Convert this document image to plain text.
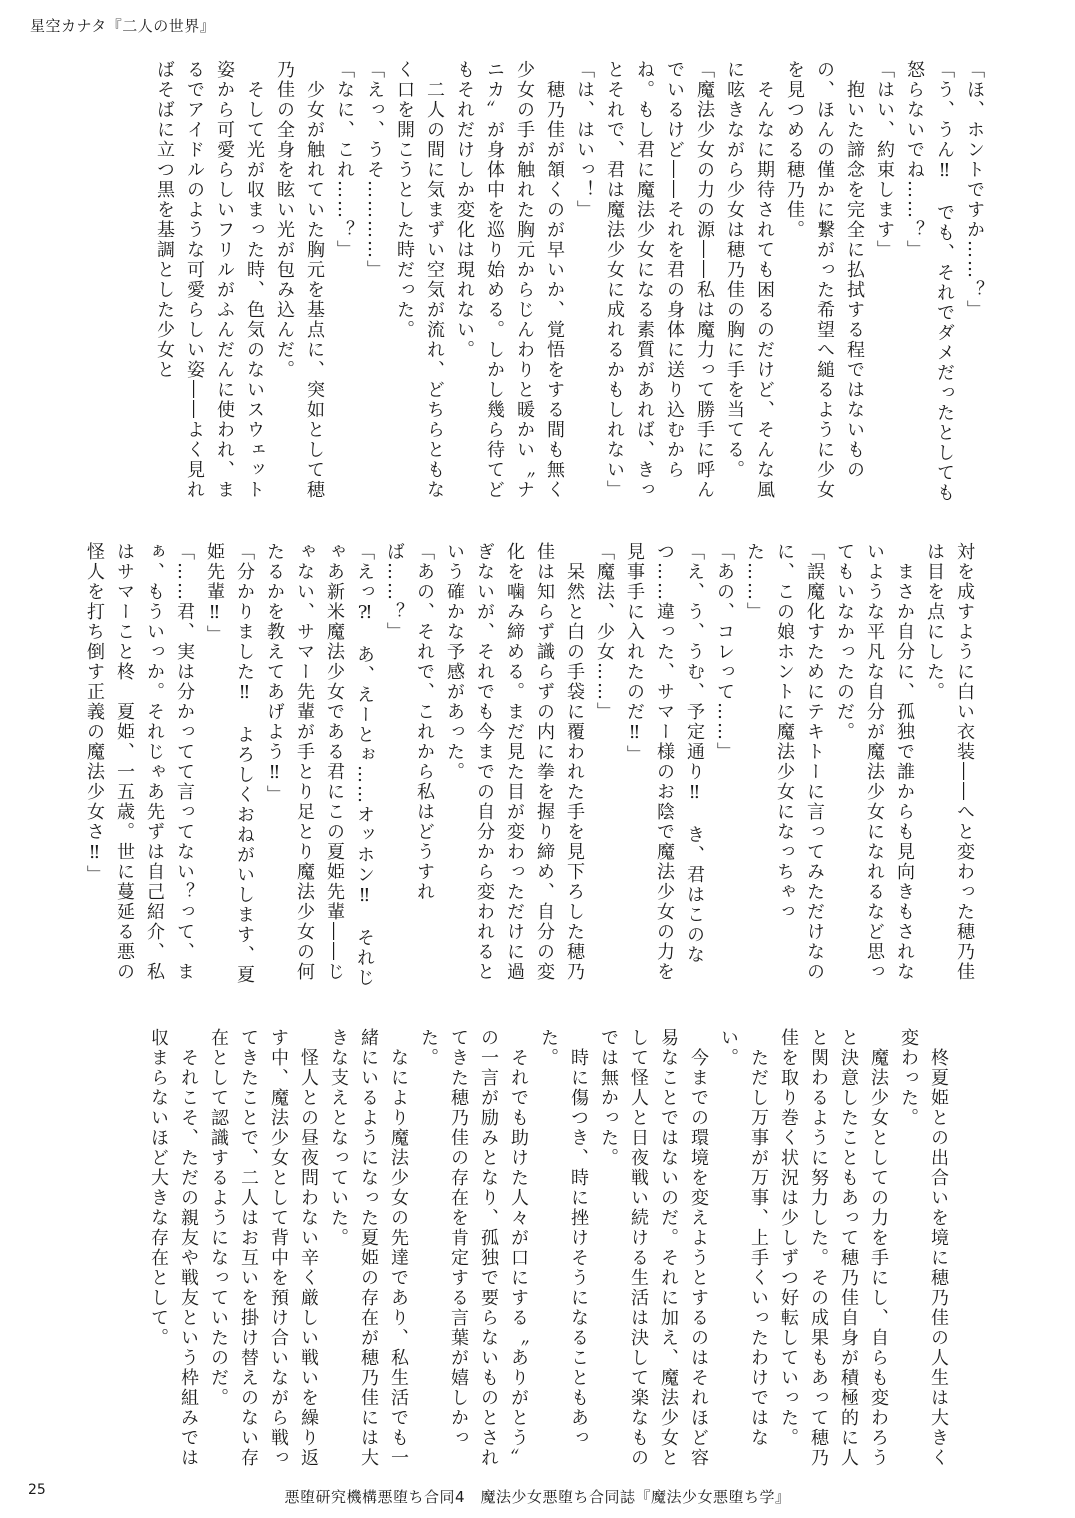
星空カナタ『二人の世界』

「ほ、ホントですか……？」

「う、うん‼　でも、それでダメだったとしても怒らないでね……？」

「はい、約束します」

　抱いた諦念を完全に払拭する程ではないものの、ほんの僅かに繋がった希望へ縋るように少女を見つめる穂乃佳。

　そんなに期待されても困るのだけど、そんな風に呟きながら少女は穂乃佳の胸に手を当てる。

「魔法少女の力の源――私は魔力って勝手に呼んでいるけど――それを君の身体に送り込むからね。もし君に魔法少女になる素質があれば、きっとそれで、君は魔法少女に成れるかもしれない」

「は、はいっ！」

　穂乃佳が頷くのが早いか、覚悟をする間も無く少女の手が触れた胸元からじんわりと暖かい〝ナニカ〟が身体中を巡り始める。しかし幾ら待てどもそれだけしか変化は現れない。

　二人の間に気まずい空気が流れ、どちらともなく口を開こうとした時だった。

「えっ、うそ…………」

「なに、これ……？」

　少女が触れていた胸元を基点に、突如として穂乃佳の全身を眩い光が包み込んだ。

　そして光が収まった時、色気のないスウェット姿から可愛らしいフリルがふんだんに使われ、まるでアイドルのような可愛らしい姿――よく見ればそばに立つ黒を基調とした少女と

対を成すように白い衣装――へと変わった穂乃佳は目を点にした。

　まさか自分に、孤独で誰からも見向きもされないような平凡な自分が魔法少女になれるなど思ってもいなかったのだ。

「誤魔化すためにテキトーに言ってみただけなのに、この娘ホントに魔法少女になっちゃった……」

「あの、コレって……」

「え、う、うむ、予定通り‼　き、君はこのなつ……違った、サマー様のお陰で魔法少女の力を見事手に入れたのだ‼」

「魔法、少女……」

　呆然と白の手袋に覆われた手を見下ろした穂乃佳は知らず識らずの内に拳を握り締め、自分の変化を噛み締める。まだ見た目が変わっただけに過ぎないが、それでも今までの自分から変われるという確かな予感があった。

「あの、それで、これから私はどうすれば……？」

「えっ⁈　あ、えーとぉ……オッホン‼　それじゃあ新米魔法少女である君にこの夏姫先輩――じゃない、サマー先輩が手とり足とり魔法少女の何たるかを教えてあげよう‼」

「分かりました‼　よろしくおねがいします、夏姫先輩‼」

「……君、実は分かってて言ってない？って、まぁ、もういっか。それじゃあ先ずは自己紹介、私はサマーこと柊　夏姫、一五歳。世に蔓延る悪の怪人を打ち倒す正義の魔法少女さ‼」

　柊夏姫との出合いを境に穂乃佳の人生は大きく変わった。

　魔法少女としての力を手にし、自らも変わろうと決意したこともあって穂乃佳自身が積極的に人と関わるように努力した。その成果もあって穂乃佳を取り巻く状況は少しずつ好転していった。

　ただし万事が万事、上手くいったわけではない。

　今までの環境を変えようとするのはそれほど容易なことではないのだ。それに加え、魔法少女として怪人と日夜戦い続ける生活は決して楽なものでは無かった。

　時に傷つき、時に挫けそうになることもあった。

　それでも助けた人々が口にする〝ありがとう〟の一言が励みとなり、孤独で要らないものとされてきた穂乃佳の存在を肯定する言葉が嬉しかった。

　なにより魔法少女の先達であり、私生活でも一緒にいるようになった夏姫の存在が穂乃佳には大きな支えとなっていた。

　怪人との昼夜問わない辛く厳しい戦いを繰り返す中、魔法少女として背中を預け合いながら戦ってきたことで、二人はお互いを掛け替えのない存在として認識するようになっていたのだ。

　それこそ、ただの親友や戦友という枠組みでは収まらないほど大きな存在として。

25	悪堕研究機構悪堕ち合同4　魔法少女悪堕ち合同誌『魔法少女悪堕ち学』
